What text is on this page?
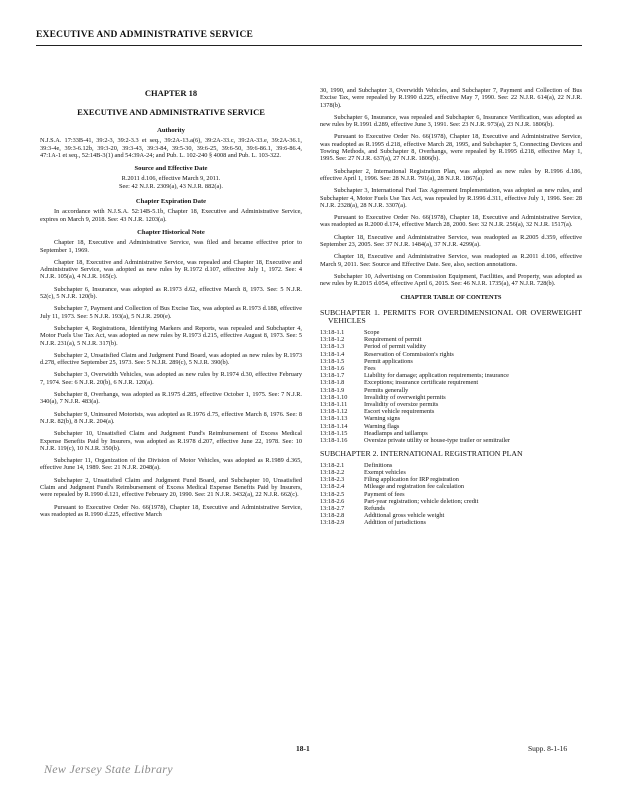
EXECUTIVE AND ADMINISTRATIVE SERVICE
CHAPTER 18
EXECUTIVE AND ADMINISTRATIVE SERVICE
Authority

N.J.S.A. 17:33B-41, 39:2-3, 39:2-3.3 et seq., 39:2A-13.a(6), 39:2A-33.c, 39:2A-33.e, 39:2A-36.1, 39:3-4e, 39:3-6.12b, 39:3-20, 39:3-43, 39:3-84, 39:5-30, 39:6-25, 39:6-50, 39:6-86.1, 39:6-86.4, 47:1A-1 et seq., 52:14B-3(1) and 54:39A-24; and Pub. L. 102-240 § 4008 and Pub. L. 103-322.

Source and Effective Date
R.2011 d.106, effective March 9, 2011.
See: 42 N.J.R. 2309(a), 43 N.J.R. 882(a).
Chapter Expiration Date

In accordance with N.J.S.A. 52:14B-5.1b, Chapter 18, Executive and Administrative Service, expires on March 9, 2018. See: 43 N.J.R. 1203(a).

Chapter Historical Note

Chapter 18, Executive and Administrative Service, was filed and became effective prior to September 1, 1969.

Chapter 18, Executive and Administrative Service, was repealed and Chapter 18, Executive and Administrative Service, was adopted as new rules by R.1972 d.107, effective July 1, 1972. See: 4 N.J.R. 105(a), 4 N.J.R. 165(c).

Subchapter 6, Insurance, was adopted as R.1973 d.62, effective March 8, 1973. See: 5 N.J.R. 52(c), 5 N.J.R. 120(b).

Subchapter 7, Payment and Collection of Bus Excise Tax, was adopted as R.1973 d.188, effective July 11, 1973. See: 5 N.J.R. 193(a), 5 N.J.R. 290(e).

Subchapter 4, Registrations, Identifying Markers and Reports, was repealed and Subchapter 4, Motor Fuels Use Tax Act, was adopted as new rules by R.1973 d.215, effective August 8, 1973. See: 5 N.J.R. 231(a), 5 N.J.R. 317(b).

Subchapter 2, Unsatisfied Claim and Judgment Fund Board, was adopted as new rules by R.1973 d.278, effective September 25, 1973. See: 5 N.J.R. 289(c), 5 N.J.R. 390(b).

Subchapter 3, Overwidth Vehicles, was adopted as new rules by R.1974 d.30, effective February 7, 1974. See: 6 N.J.R. 20(b), 6 N.J.R. 120(a).

Subchapter 8, Overhangs, was adopted as R.1975 d.285, effective October 1, 1975. See: 7 N.J.R. 340(a), 7 N.J.R. 483(a).

Subchapter 9, Uninsured Motorists, was adopted as R.1976 d.75, effective March 8, 1976. See: 8 N.J.R. 82(b), 8 N.J.R. 204(a).

Subchapter 10, Unsatisfied Claim and Judgment Fund's Reimbursement of Excess Medical Expense Benefits Paid by Insurers, was adopted as R.1978 d.207, effective June 22, 1978. See: 10 N.J.R. 119(c), 10 N.J.R. 350(b).

Subchapter 11, Organization of the Division of Motor Vehicles, was adopted as R.1989 d.365, effective June 14, 1989. See: 21 N.J.R. 2048(a).

Subchapter 2, Unsatisfied Claim and Judgment Fund Board, and Subchapter 10, Unsatisfied Claim and Judgment Fund's Reimbursement of Excess Medical Expense Benefits Paid by Insurers, were repealed by R.1990 d.121, effective February 20, 1990. See: 21 N.J.R. 3432(a), 22 N.J.R. 662(c).

Pursuant to Executive Order No. 66(1978), Chapter 18, Executive and Administrative Service, was readopted as R.1990 d.225, effective March

30, 1990, and Subchapter 3, Overwidth Vehicles, and Subchapter 7, Payment and Collection of Bus Excise Tax, were repealed by R.1990 d.225, effective May 7, 1990. See: 22 N.J.R. 614(a), 22 N.J.R. 1378(b).

Subchapter 6, Insurance, was repealed and Subchapter 6, Insurance Verification, was adopted as new rules by R.1991 d.289, effective June 3, 1991. See: 23 N.J.R. 973(a), 23 N.J.R. 1806(b).

Pursuant to Executive Order No. 66(1978), Chapter 18, Executive and Administrative Service, was readopted as R.1995 d.218, effective March 28, 1995, and Subchapter 5, Connecting Devices and Towing Methods, and Subchapter 8, Overhangs, were repealed by R.1995 d.218, effective May 1, 1995. See: 27 N.J.R. 637(a), 27 N.J.R. 1806(b).

Subchapter 2, International Registration Plan, was adopted as new rules by R.1996 d.186, effective April 1, 1996. See: 28 N.J.R. 791(a), 28 N.J.R. 1867(a).

Subchapter 3, International Fuel Tax Agreement Implementation, was adopted as new rules, and Subchapter 4, Motor Fuels Use Tax Act, was repealed by R.1996 d.311, effective July 1, 1996. See: 28 N.J.R. 2328(a), 28 N.J.R. 3307(a).

Pursuant to Executive Order No. 66(1978), Chapter 18, Executive and Administrative Service, was readopted as R.2000 d.174, effective March 28, 2000. See: 32 N.J.R. 256(a), 32 N.J.R. 1517(a).

Chapter 18, Executive and Administrative Service, was readopted as R.2005 d.359, effective September 23, 2005. See: 37 N.J.R. 1484(a), 37 N.J.R. 4299(a).

Chapter 18, Executive and Administrative Service, was readopted as R.2011 d.106, effective March 9, 2011. See: Source and Effective Date. See, also, section annotations.

Subchapter 10, Advertising on Commission Equipment, Facilities, and Property, was adopted as new rules by R.2015 d.054, effective April 6, 2015. See: 46 N.J.R. 1735(a), 47 N.J.R. 728(b).

CHAPTER TABLE OF CONTENTS
SUBCHAPTER 1. PERMITS FOR OVERDIMENSIONAL OR OVERWEIGHT VEHICLES
13:18-1.1	Scope
13:18-1.2	Requirement of permit
13:18-1.3	Period of permit validity
13:18-1.4	Reservation of Commission's rights
13:18-1.5	Permit applications
13:18-1.6	Fees
13:18-1.7	Liability for damage; application requirements; insurance
13:18-1.8	Exceptions; insurance certificate requirement
13:18-1.9	Permits generally
13:18-1.10	Invalidity of overweight permits
13:18-1.11	Invalidity of oversize permits
13:18-1.12	Escort vehicle requirements
13:18-1.13	Warning signs
13:18-1.14	Warning flags
13:18-1.15	Headlamps and taillamps
13:18-1.16	Oversize private utility or house-type trailer or semitrailer
SUBCHAPTER 2. INTERNATIONAL REGISTRATION PLAN
13:18-2.1	Definitions
13:18-2.2	Exempt vehicles
13:18-2.3	Filing application for IRP registration
13:18-2.4	Mileage and registration fee calculation
13:18-2.5	Payment of fees
13:18-2.6	Part-year registration; vehicle deletion; credit
13:18-2.7	Refunds
13:18-2.8	Additional gross vehicle weight
13:18-2.9	Addition of jurisdictions
New Jersey State Library
18-1	Supp. 8-1-16
